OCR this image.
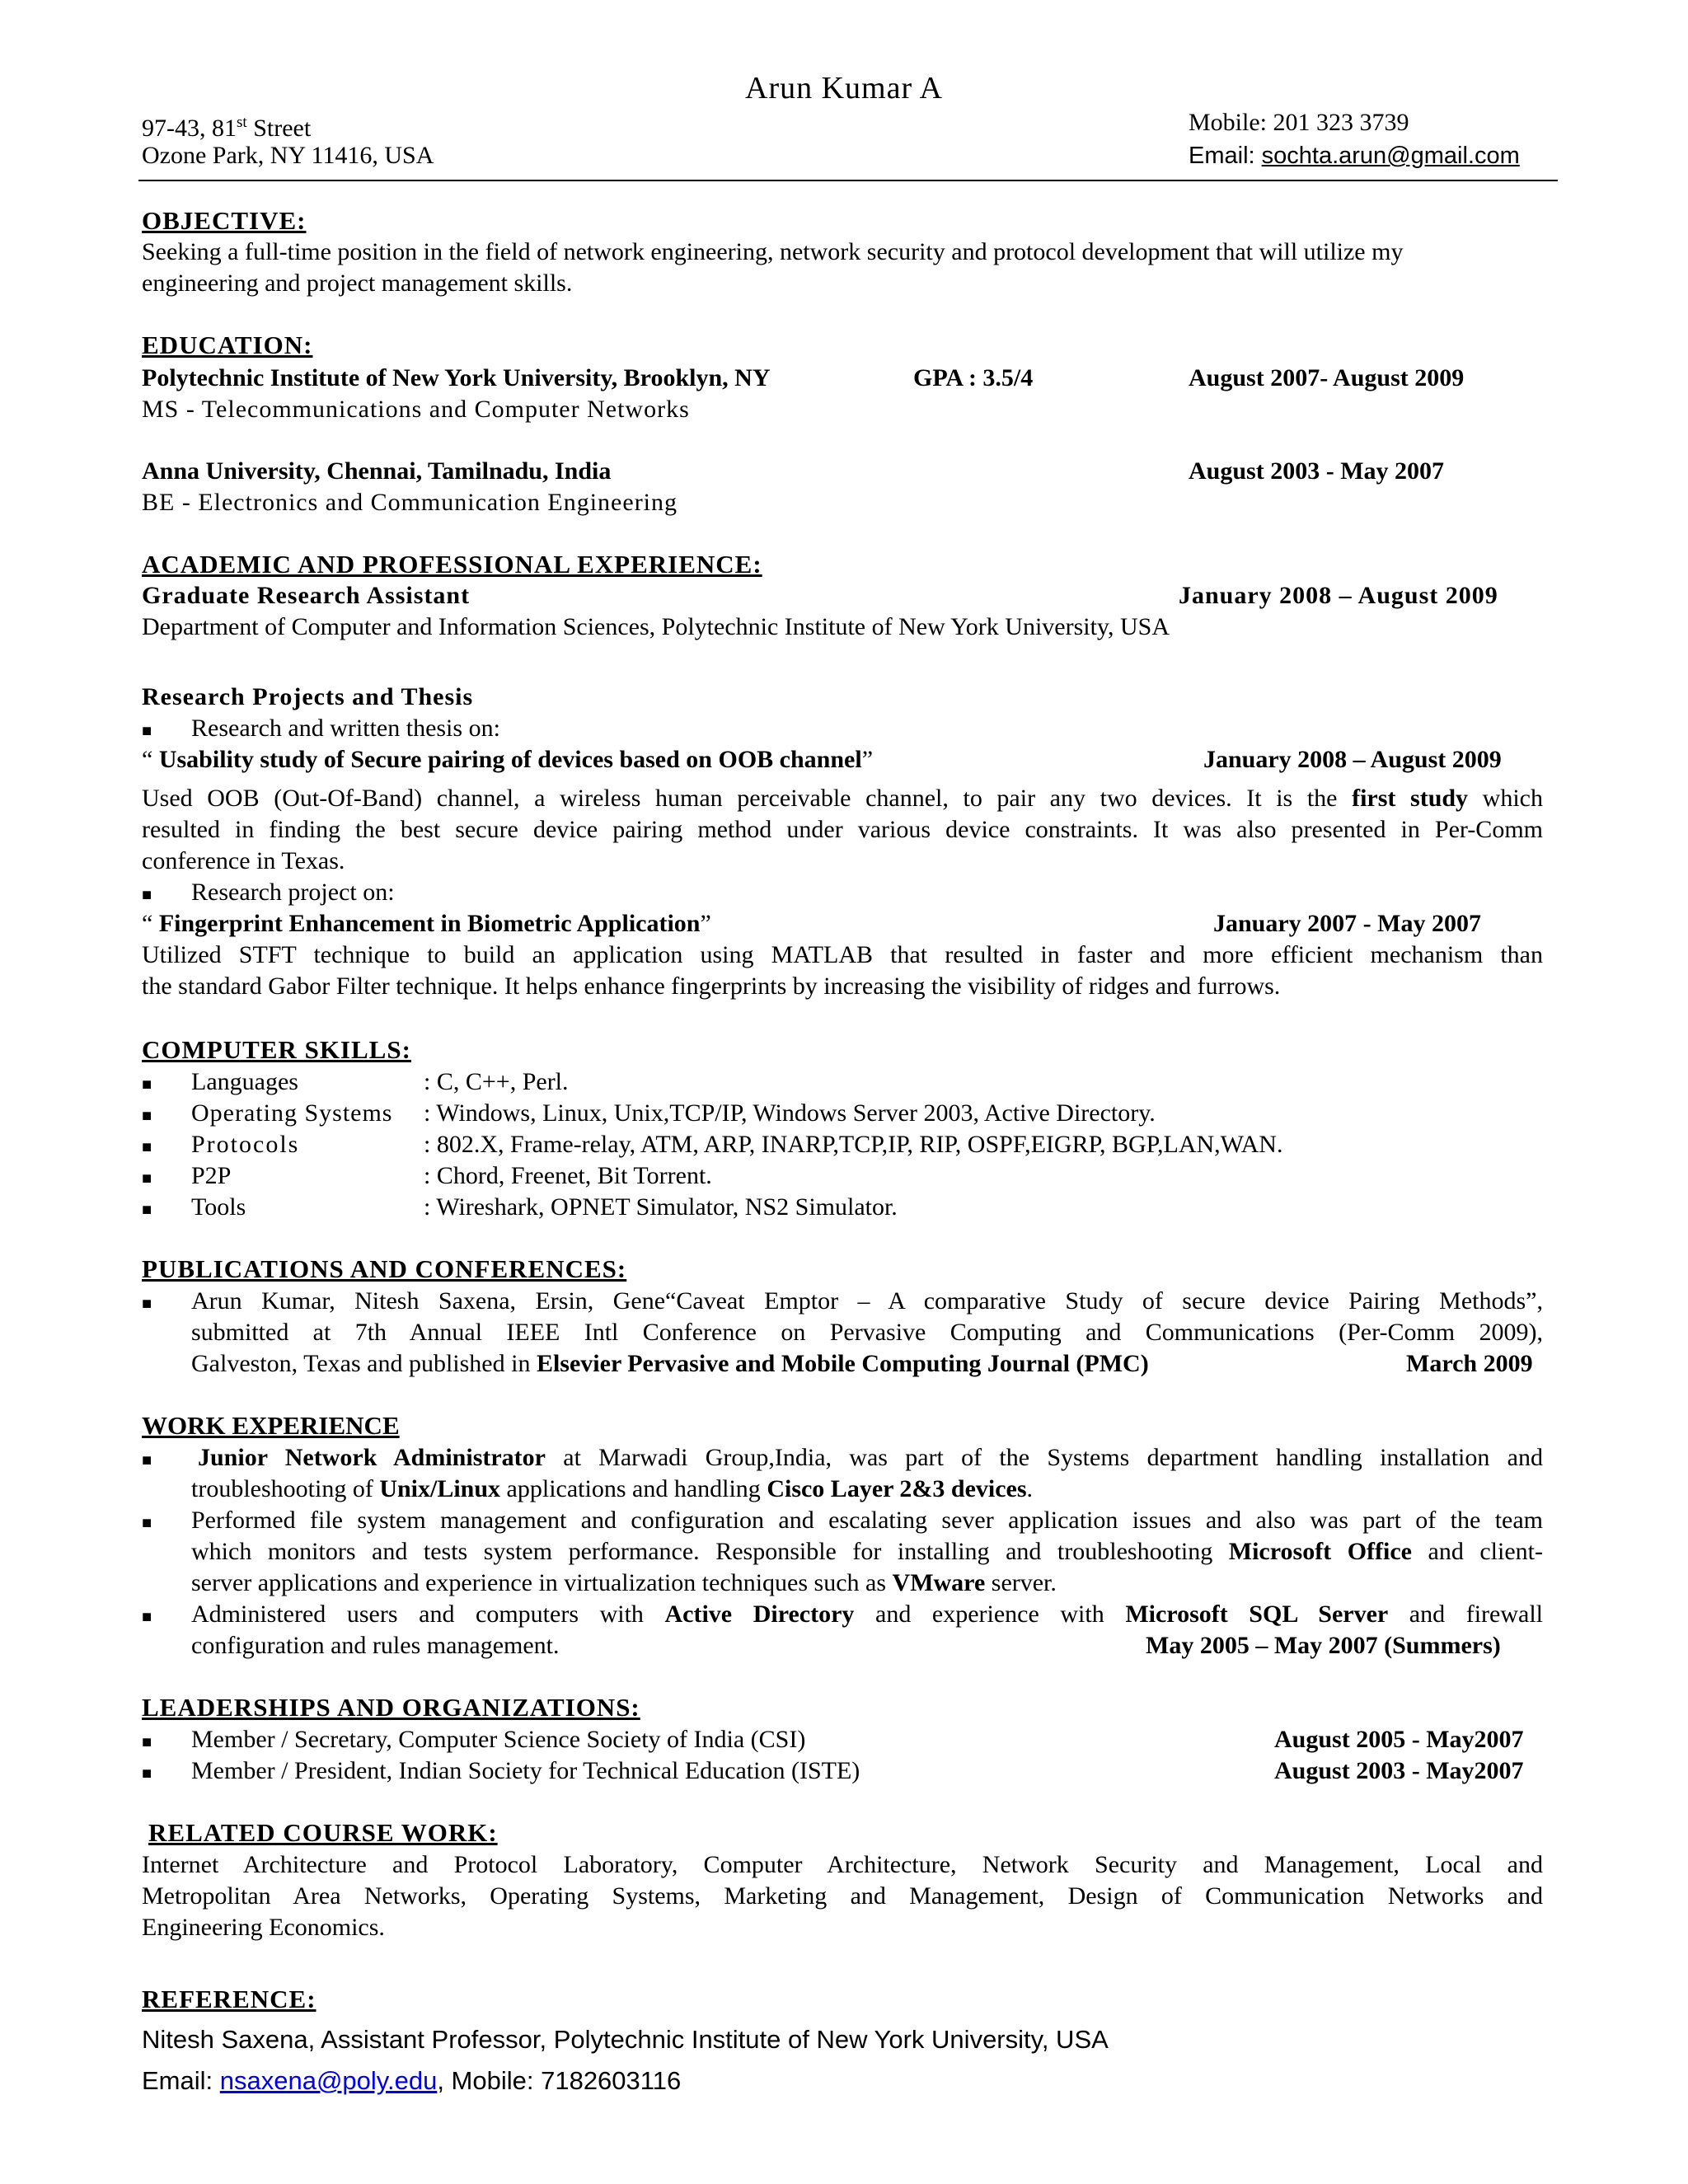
Arun Kumar A
97-43, 81st Street
Ozone Park, NY 11416, USA
Mobile: 201 323 3739
Email: sochta.arun@gmail.com
OBJECTIVE:
Seeking a full-time position in the field of network engineering, network security and protocol development that will utilize my
engineering and project management skills.
EDUCATION:
Polytechnic Institute of New York University, Brooklyn, NY	GPA : 3.5/4	August 2007- August 2009
MS - Telecommunications and Computer Networks
Anna University, Chennai, Tamilnadu, India	August 2003 - May 2007
BE - Electronics and Communication Engineering
ACADEMIC AND PROFESSIONAL EXPERIENCE:
Graduate Research Assistant	January 2008 – August 2009
Department of Computer and Information Sciences, Polytechnic Institute of New York University, USA
Research Projects and Thesis
■ Research and written thesis on:
“ Usability study of Secure pairing of devices based on OOB channel”	January 2008 – August 2009
Used OOB (Out-Of-Band) channel, a wireless human perceivable channel, to pair any two devices. It is the first study which
resulted in finding the best secure device pairing method under various device constraints. It was also presented in Per-Comm
conference in Texas.
■ Research project on:
“ Fingerprint Enhancement in Biometric Application”	January 2007 - May 2007
Utilized STFT technique to build an application using MATLAB that resulted in faster and more efficient mechanism than
the standard Gabor Filter technique. It helps enhance fingerprints by increasing the visibility of ridges and furrows.
COMPUTER SKILLS:
■ Languages	: C, C++, Perl.
■ Operating Systems : Windows, Linux, Unix,TCP/IP, Windows Server 2003, Active Directory.
■ Protocols	: 802.X, Frame-relay, ATM, ARP, INARP,TCP,IP, RIP, OSPF,EIGRP, BGP,LAN,WAN.
■ P2P	: Chord, Freenet, Bit Torrent.
■ Tools	: Wireshark, OPNET Simulator, NS2 Simulator.
PUBLICATIONS AND CONFERENCES:
■ Arun Kumar, Nitesh Saxena, Ersin, Gene“Caveat Emptor – A comparative Study of secure device Pairing Methods”,
submitted at 7th Annual IEEE Intl Conference on Pervasive Computing and Communications (Per-Comm 2009),
Galveston, Texas and published in Elsevier Pervasive and Mobile Computing Journal (PMC)	March 2009
WORK EXPERIENCE
■ Junior Network Administrator at Marwadi Group,India, was part of the Systems department handling installation and
troubleshooting of Unix/Linux applications and handling Cisco Layer 2&3 devices.
■ Performed file system management and configuration and escalating sever application issues and also was part of the team
which monitors and tests system performance. Responsible for installing and troubleshooting Microsoft Office and client-
server applications and experience in virtualization techniques such as VMware server.
■ Administered users and computers with Active Directory and experience with Microsoft SQL Server and firewall
configuration and rules management.	May 2005 – May 2007 (Summers)
LEADERSHIPS AND ORGANIZATIONS:
■ Member / Secretary, Computer Science Society of India (CSI)	August 2005 - May2007
■ Member / President, Indian Society for Technical Education (ISTE)	August 2003 - May2007
RELATED COURSE WORK:
Internet Architecture and Protocol Laboratory, Computer Architecture, Network Security and Management, Local and
Metropolitan Area Networks, Operating Systems, Marketing and Management, Design of Communication Networks and
Engineering Economics.
REFERENCE:
Nitesh Saxena, Assistant Professor, Polytechnic Institute of New York University, USA
Email: nsaxena@poly.edu, Mobile: 7182603116
